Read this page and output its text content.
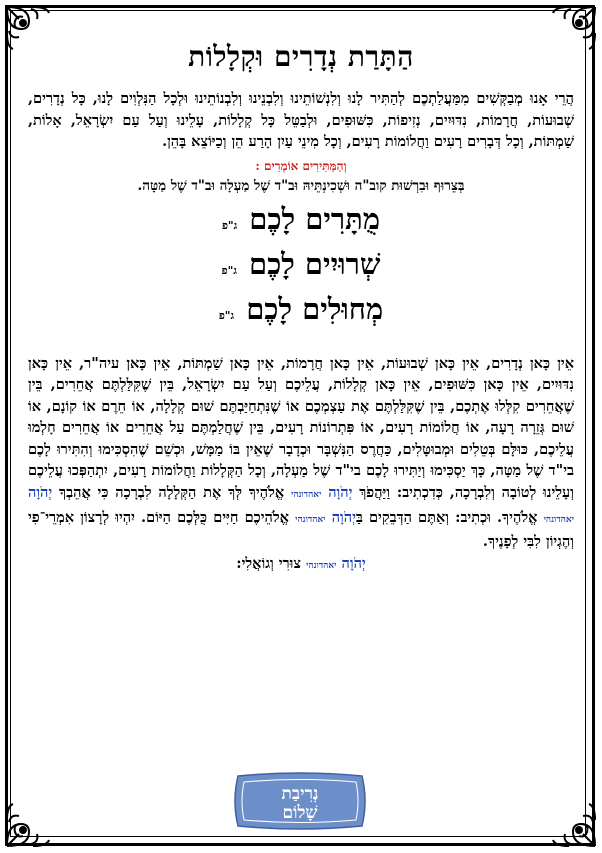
הַתָּרַת נְדָרִים וּקְלָלוֹת

הֲרֵי אָנוּ מְבַקְּשִׁים מִמַּעֲלַתְכֶם לְהַתִּיר לָנוּ וְלִנְשׁוֹתֵינוּ וְלִבְנֵינוּ וְלִבְנוֹתֵינוּ וּלְכָל הַנִּלְוִים לָנוּ, כָּל נְדָרִים, שְׁבוּעוֹת, חֲרָמוֹת, נִדּוּיִים, נְזִיפוֹת, כִּשּׁוּפִים, וּלְבַטֵּל כָּל קְלָלוֹת, עָלֵינוּ וְעַל עַם יִשְׂרָאֵל, אָלוֹת, שַׁמְתּוֹת, וְכָל דְּבָרִים רָעִים וַחֲלוֹמוֹת רָעִים, וְכָל מִינֵי עַיִן הָרַע הֵן וְכַיּוֹצֵא בָּהֵן.

וְהַמַּתִּירִים אוֹמְרִים :
בְּצֵרוּף וּבִרְשׁוּת קוב"ה וּשְׁכִינְתֵּיהּ וּב"ד שֶׁל מַעְלָה וּב"ד שֶׁל מַטָּה.
מֻתָּרִים לָכֶם
ג"פ
שְׁרוּיִים לָכֶם
ג"פ
מְחוּלִים לָכֶם
ג"פ

אֵין כָּאן נְדָרִים, אֵין כָּאן שְׁבוּעוֹת, אֵין כָּאן חֲרָמוֹת, אֵין כָּאן שַׁמְתּוֹת, אֵין כָּאן עיה"ר, אֵין כָּאן נִדּוּיִים, אֵין כָּאן כִּשּׁוּפִים, אֵין כָּאן קְלָלוֹת, עֲלֵיכֶם וְעַל עַם יִשְׂרָאֵל, בֵּין שֶׁקִּלַּלְתֶּם אֲחֵרִים, בֵּין שֶׁאֲחֵרִים קִלְּלוּ אֶתְכֶם, בֵּין שֶׁקִּלַּלְתֶּם אֶת עַצְמְכֶם אוֹ שֶׁנִּתְחַיַּבְתֶּם שׁוּם קְלָלָה, אוֹ חֵרֶם אוֹ קוֹנָם, אוֹ שׁוּם גְּזֵרָה רָעָה, אוֹ חֲלוֹמוֹת רָעִים, אוֹ פִּתְרוֹנוֹת רָעִים, בֵּין שֶׁחֲלַמְתֶּם עַל אֲחֵרִים אוֹ אֲחֵרִים חָלְמוּ עֲלֵיכֶם, כּוּלָּם בְּטֵלִים וּמְבוּטָּלִים, כַּחֲרֶס הַנִּשְׁבָּר וּכְדָבָר שֶׁאֵין בּוֹ מַמָּשׁ, וּכְשֵׁם שֶׁהִסְכִּימוּ וְהִתִּירוּ לָכֶם בי"ד שֶׁל מַטָּה, כָּךְ יַסְכִּימוּ וְיַתִּירוּ לָכֶם בי"ד שֶׁל מַעְלָה, וְכָל הַקְּלָלוֹת וַחֲלוֹמוֹת רָעִים, יִתְהַפְּכוּ עֲלֵיכֶם וְעָלֵינוּ לְטוֹבָה וְלִבְרָכָה, כְּדִכְתִיב: וַיַּהֲפֹךְ יְהֹוָה יאהדונהי אֱלֹהֶיךָ לְּךָ אֶת הַקְּלָלָה לִבְרָכָה כִּי אֲהֵבְךָ יְהֹוָה יאהדונהי אֱלֹהֶיךָ. וּכְתִיב: וְאַתֶּם הַדְּבֵקִים בַּיְהֹוָה יאהדונהי אֱלֹהֵיכֶם חַיִּים כֻּלְּכֶם הַיּוֹם. יִהְיוּ לְרָצוֹן אִמְרֵי־פִי וְהֶגְיוֹן לִבִּי לְפָנֶיךָ.

יְהֹוָה יאהדונהי צוּרִי וְגוֹאֲלִי:
נְרִיבַת
שָׁלוֹם
